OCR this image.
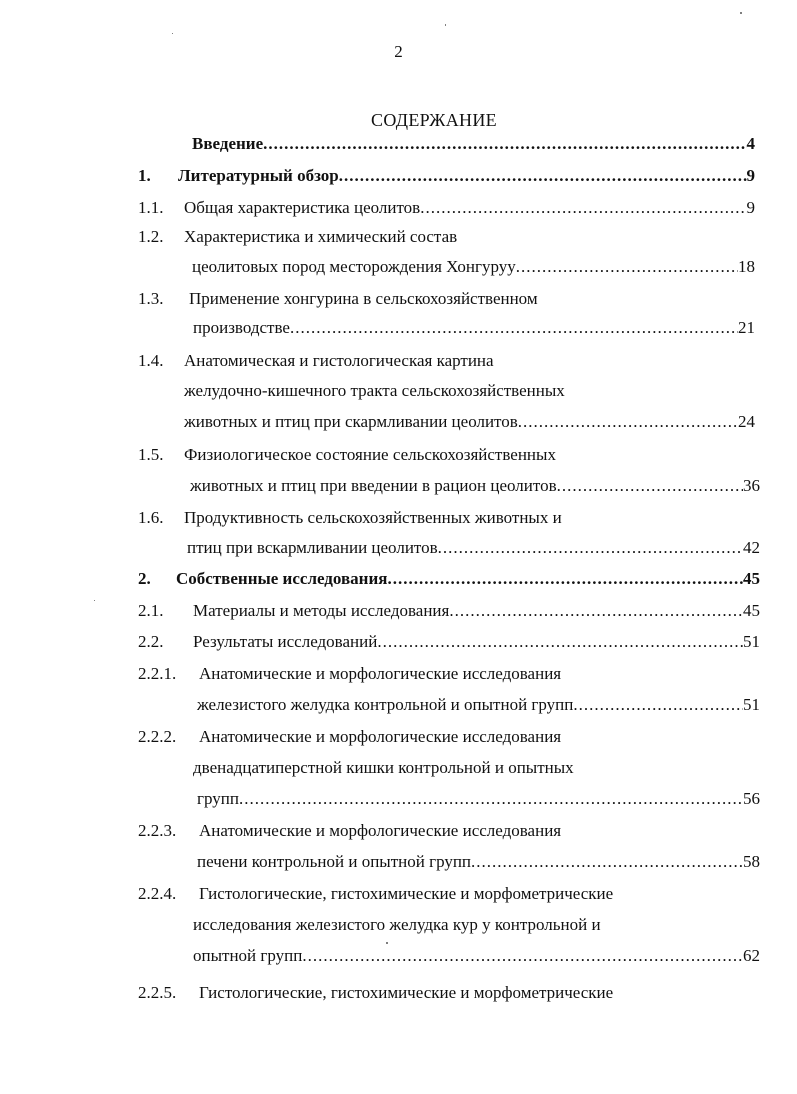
2
СОДЕРЖАНИЕ
Введение .....	4
1. Литературный обзор .....	9
1.1. Общая характеристика цеолитов .....	9
1.2. Характеристика и химический состав
цеолитовых пород месторождения Хонгуруу .....	18
1.3. Применение хонгурина в сельскохозяйственном
производстве .....	21
1.4. Анатомическая и гистологическая картина
желудочно-кишечного тракта сельскохозяйственных
животных и птиц при скармливании цеолитов .....	24
1.5. Физиологическое состояние сельскохозяйственных
животных и птиц при введении в рацион цеолитов .....	36
1.6. Продуктивность сельскохозяйственных животных и
птиц при вскармливании цеолитов .....	42
2. Собственные исследования .....	45
2.1. Материалы и методы исследования .....	45
2.2. Результаты исследований .....	51
2.2.1. Анатомические и морфологические исследования
железистого желудка контрольной и опытной групп .....	51
2.2.2. Анатомические и морфологические исследования
двенадцатиперстной кишки контрольной и опытных
групп .....	56
2.2.3. Анатомические и морфологические исследования
печени контрольной и опытной групп .....	58
2.2.4. Гистологические, гистохимические и морфометрические
исследования железистого желудка кур у контрольной и
опытной групп .....	62
2.2.5. Гистологические, гистохимические и морфометрические
